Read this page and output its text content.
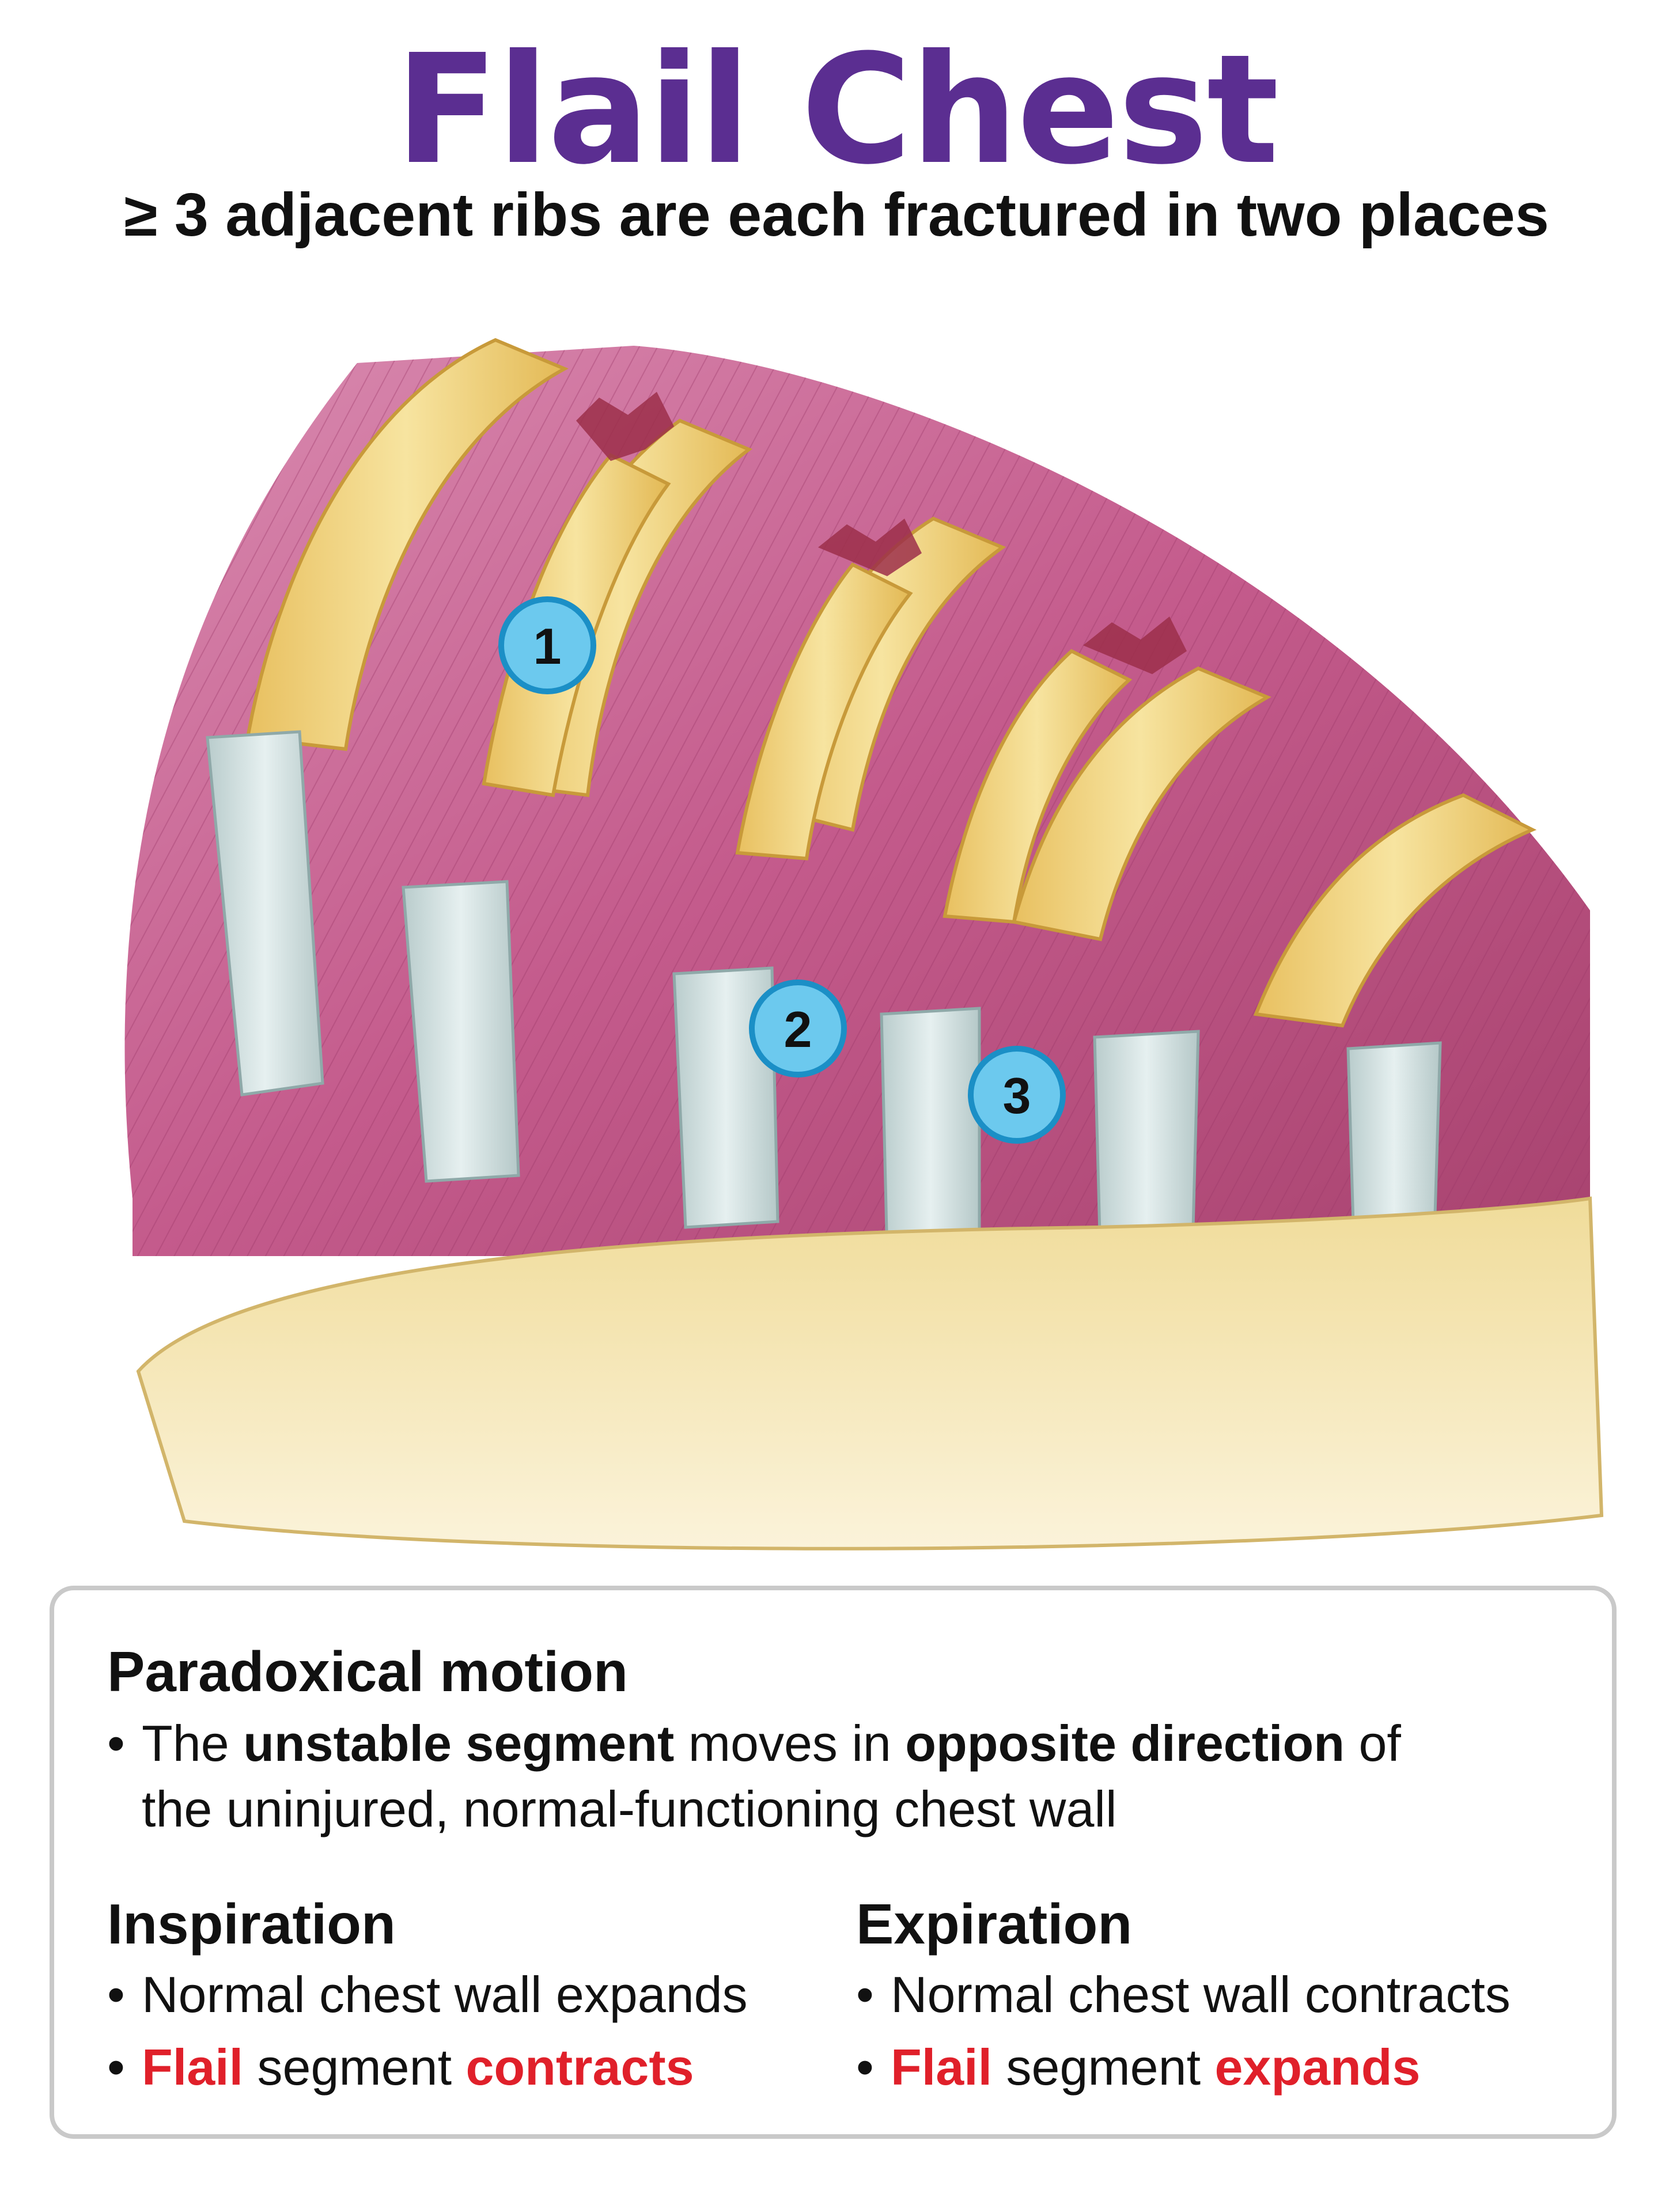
Flail Chest
≥ 3 adjacent ribs are each fractured in two places
1
2
3
Paradoxical motion
• The unstable segment moves in opposite direction of
the uninjured, normal-functioning chest wall
Inspiration
• Normal chest wall expands
• Flail segment contracts
Expiration
• Normal chest wall contracts
• Flail segment expands
